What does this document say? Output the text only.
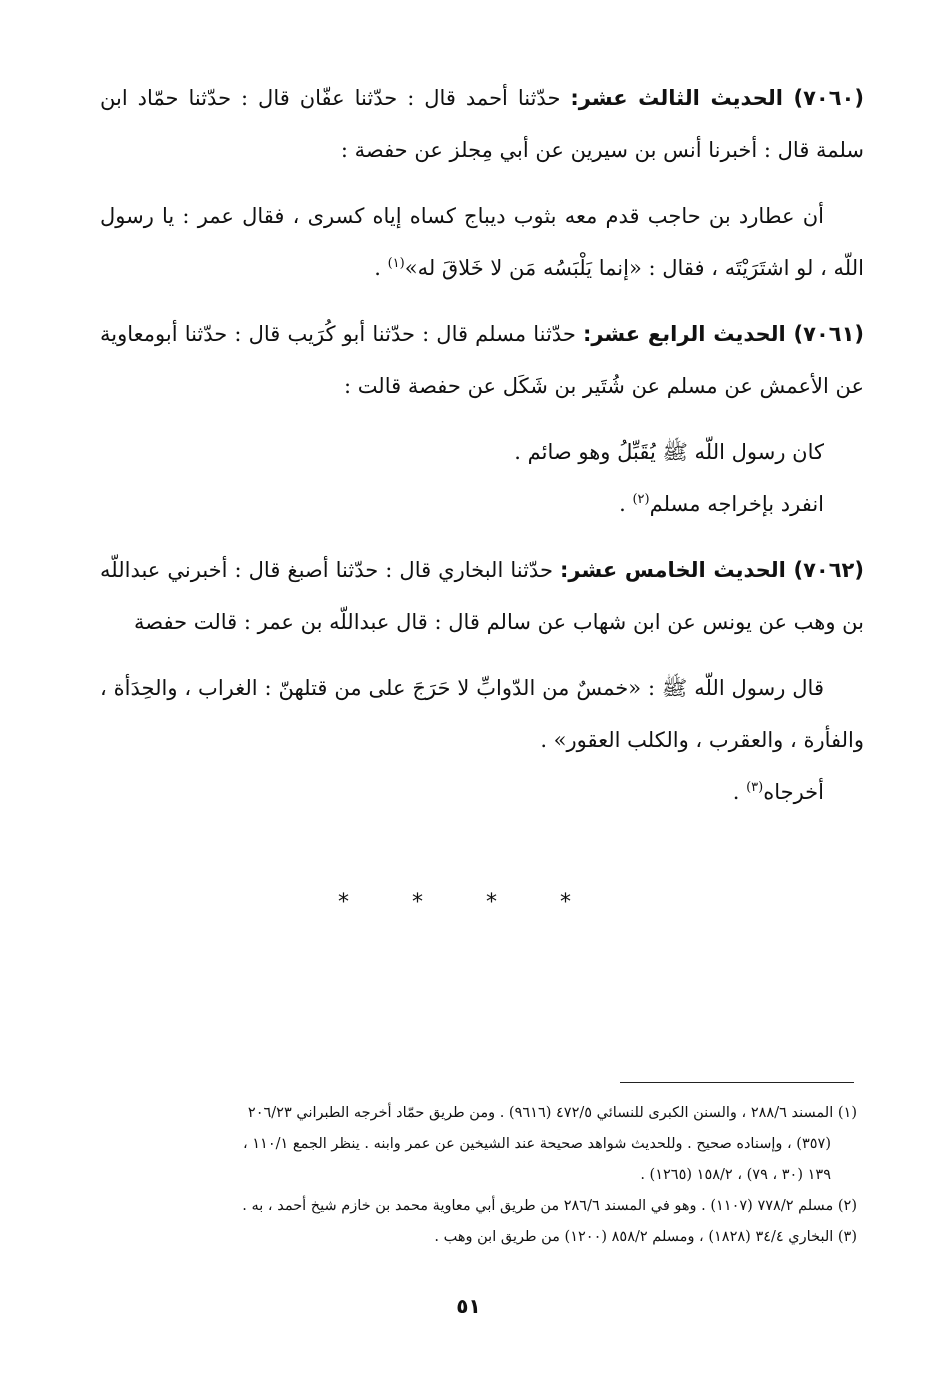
(٧٠٦٠) الحديث الثالث عشر: حدّثنا أحمد قال : حدّثنا عفّان قال : حدّثنا حمّاد ابن سلمة قال : أخبرنا أنس بن سيرين عن أبي مِجلز عن حفصة :

أن عطارد بن حاجب قدم معه بثوب ديباج كساه إياه كسرى ، فقال عمر : يا رسول اللّه ، لو اشتَرَيْتَه ، فقال : «إنما يَلْبَسُه مَن لا خَلاقَ له»$^{(١)}$ .

(٧٠٦١) الحديث الرابع عشر: حدّثنا مسلم قال : حدّثنا أبو كُرَيب قال : حدّثنا أبومعاوية عن الأعمش عن مسلم عن شُتَير بن شَكَل عن حفصة قالت :

كان رسول اللّه ﷺ يُقَبِّلُ وهو صائم .

انفرد بإخراجه مسلم$^{(٢)}$ .

(٧٠٦٢) الحديث الخامس عشر: حدّثنا البخاري قال : حدّثنا أصبغ قال : أخبرني عبداللّه بن وهب عن يونس عن ابن شهاب عن سالم قال : قال عبداللّه بن عمر : قالت حفصة

قال رسول اللّه ﷺ : «خمسٌ من الدّوابِّ لا حَرَجَ على من قتلهنّ : الغراب ، والحِدَأة ، والفأرة ، والعقرب ، والكلب العقور» .

أخرجاه$^{(٣)}$ .

* * * *

(١) المسند ٢٨٨/٦ ، والسنن الكبرى للنسائي ٤٧٢/٥ (٩٦١٦) . ومن طريق حمّاد أخرجه الطبراني ٢٠٦/٢٣

(٣٥٧) ، وإسناده صحيح . وللحديث شواهد صحيحة عند الشيخين عن عمر وابنه . ينظر الجمع ١١٠/١ ،

١٣٩ (٣٠ ، ٧٩) ، ١٥٨/٢ (١٢٦٥) .

(٢) مسلم ٧٧٨/٢ (١١٠٧) . وهو في المسند ٢٨٦/٦ من طريق أبي معاوية محمد بن خازم شيخ أحمد ، به .

(٣) البخاري ٣٤/٤ (١٨٢٨) ، ومسلم ٨٥٨/٢ (١٢٠٠) من طريق ابن وهب .

٥١
